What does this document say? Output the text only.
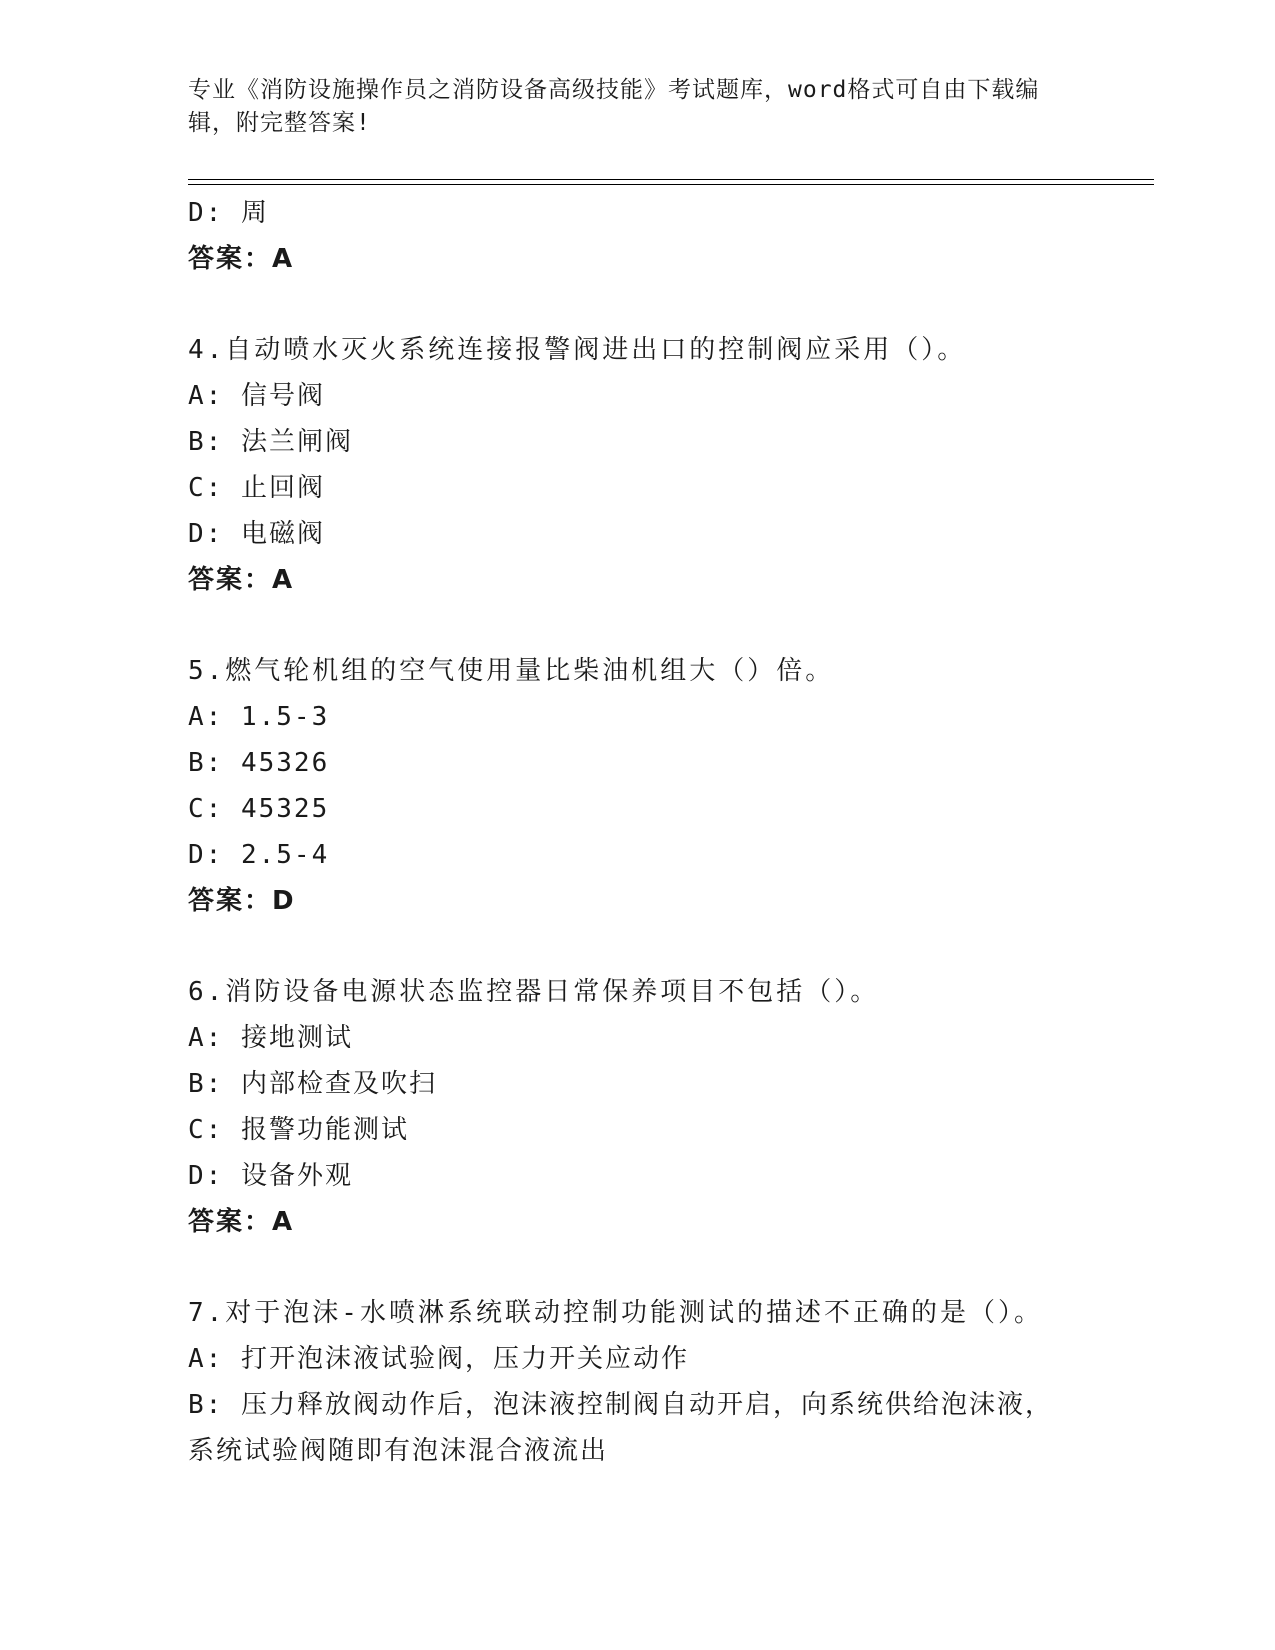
专业《消防设施操作员之消防设备高级技能》考试题库，word格式可自由下载编
辑，附完整答案!
D: 周
答案：A
4.自动喷水灭火系统连接报警阀进出口的控制阀应采用（）。
A: 信号阀
B: 法兰闸阀
C: 止回阀
D: 电磁阀
答案：A
5.燃气轮机组的空气使用量比柴油机组大（）倍。
A: 1.5-3
B: 45326
C: 45325
D: 2.5-4
答案：D
6.消防设备电源状态监控器日常保养项目不包括（）。
A: 接地测试
B: 内部检查及吹扫
C: 报警功能测试
D: 设备外观
答案：A
7.对于泡沫-水喷淋系统联动控制功能测试的描述不正确的是（）。
A: 打开泡沫液试验阀，压力开关应动作
B: 压力释放阀动作后，泡沫液控制阀自动开启，向系统供给泡沫液，
系统试验阀随即有泡沫混合液流出
